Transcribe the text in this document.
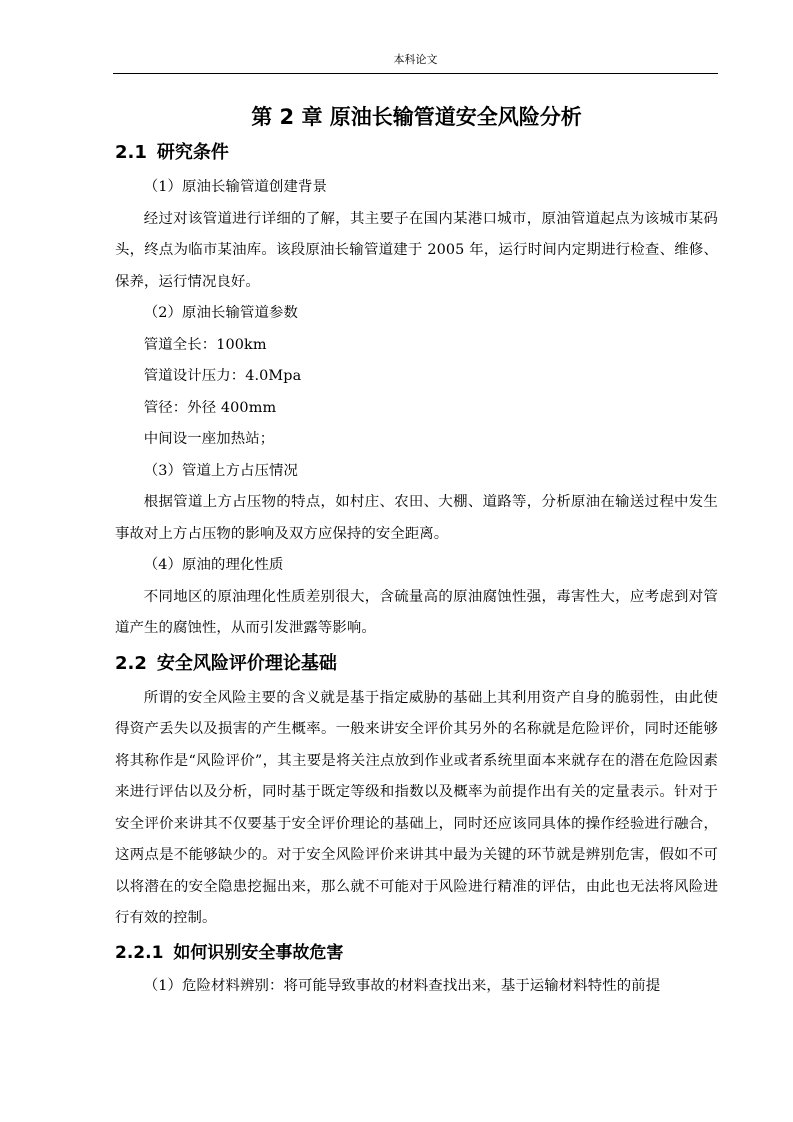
本科论文
第 2 章 原油长输管道安全风险分析
2.1 研究条件

（1）原油长输管道创建背景

经过对该管道进行详细的了解，其主要子在国内某港口城市，原油管道起点为该城市某码头，终点为临市某油库。该段原油长输管道建于 2005 年，运行时间内定期进行检查、维修、保养，运行情况良好。

（2）原油长输管道参数

管道全长：100km

管道设计压力：4.0Mpa

管径：外径 400mm

中间设一座加热站；

（3）管道上方占压情况

根据管道上方占压物的特点，如村庄、农田、大棚、道路等，分析原油在输送过程中发生事故对上方占压物的影响及双方应保持的安全距离。

（4）原油的理化性质

不同地区的原油理化性质差别很大，含硫量高的原油腐蚀性强，毒害性大，应考虑到对管道产生的腐蚀性，从而引发泄露等影响。

2.2 安全风险评价理论基础

所谓的安全风险主要的含义就是基于指定威胁的基础上其利用资产自身的脆弱性，由此使得资产丢失以及损害的产生概率。一般来讲安全评价其另外的名称就是危险评价，同时还能够将其称作是“风险评价”，其主要是将关注点放到作业或者系统里面本来就存在的潜在危险因素来进行评估以及分析，同时基于既定等级和指数以及概率为前提作出有关的定量表示。针对于安全评价来讲其不仅要基于安全评价理论的基础上，同时还应该同具体的操作经验进行融合，这两点是不能够缺少的。对于安全风险评价来讲其中最为关键的环节就是辨别危害，假如不可以将潜在的安全隐患挖掘出来，那么就不可能对于风险进行精准的评估，由此也无法将风险进行有效的控制。

2.2.1 如何识别安全事故危害

（1）危险材料辨别：将可能导致事故的材料查找出来，基于运输材料特性的前提
